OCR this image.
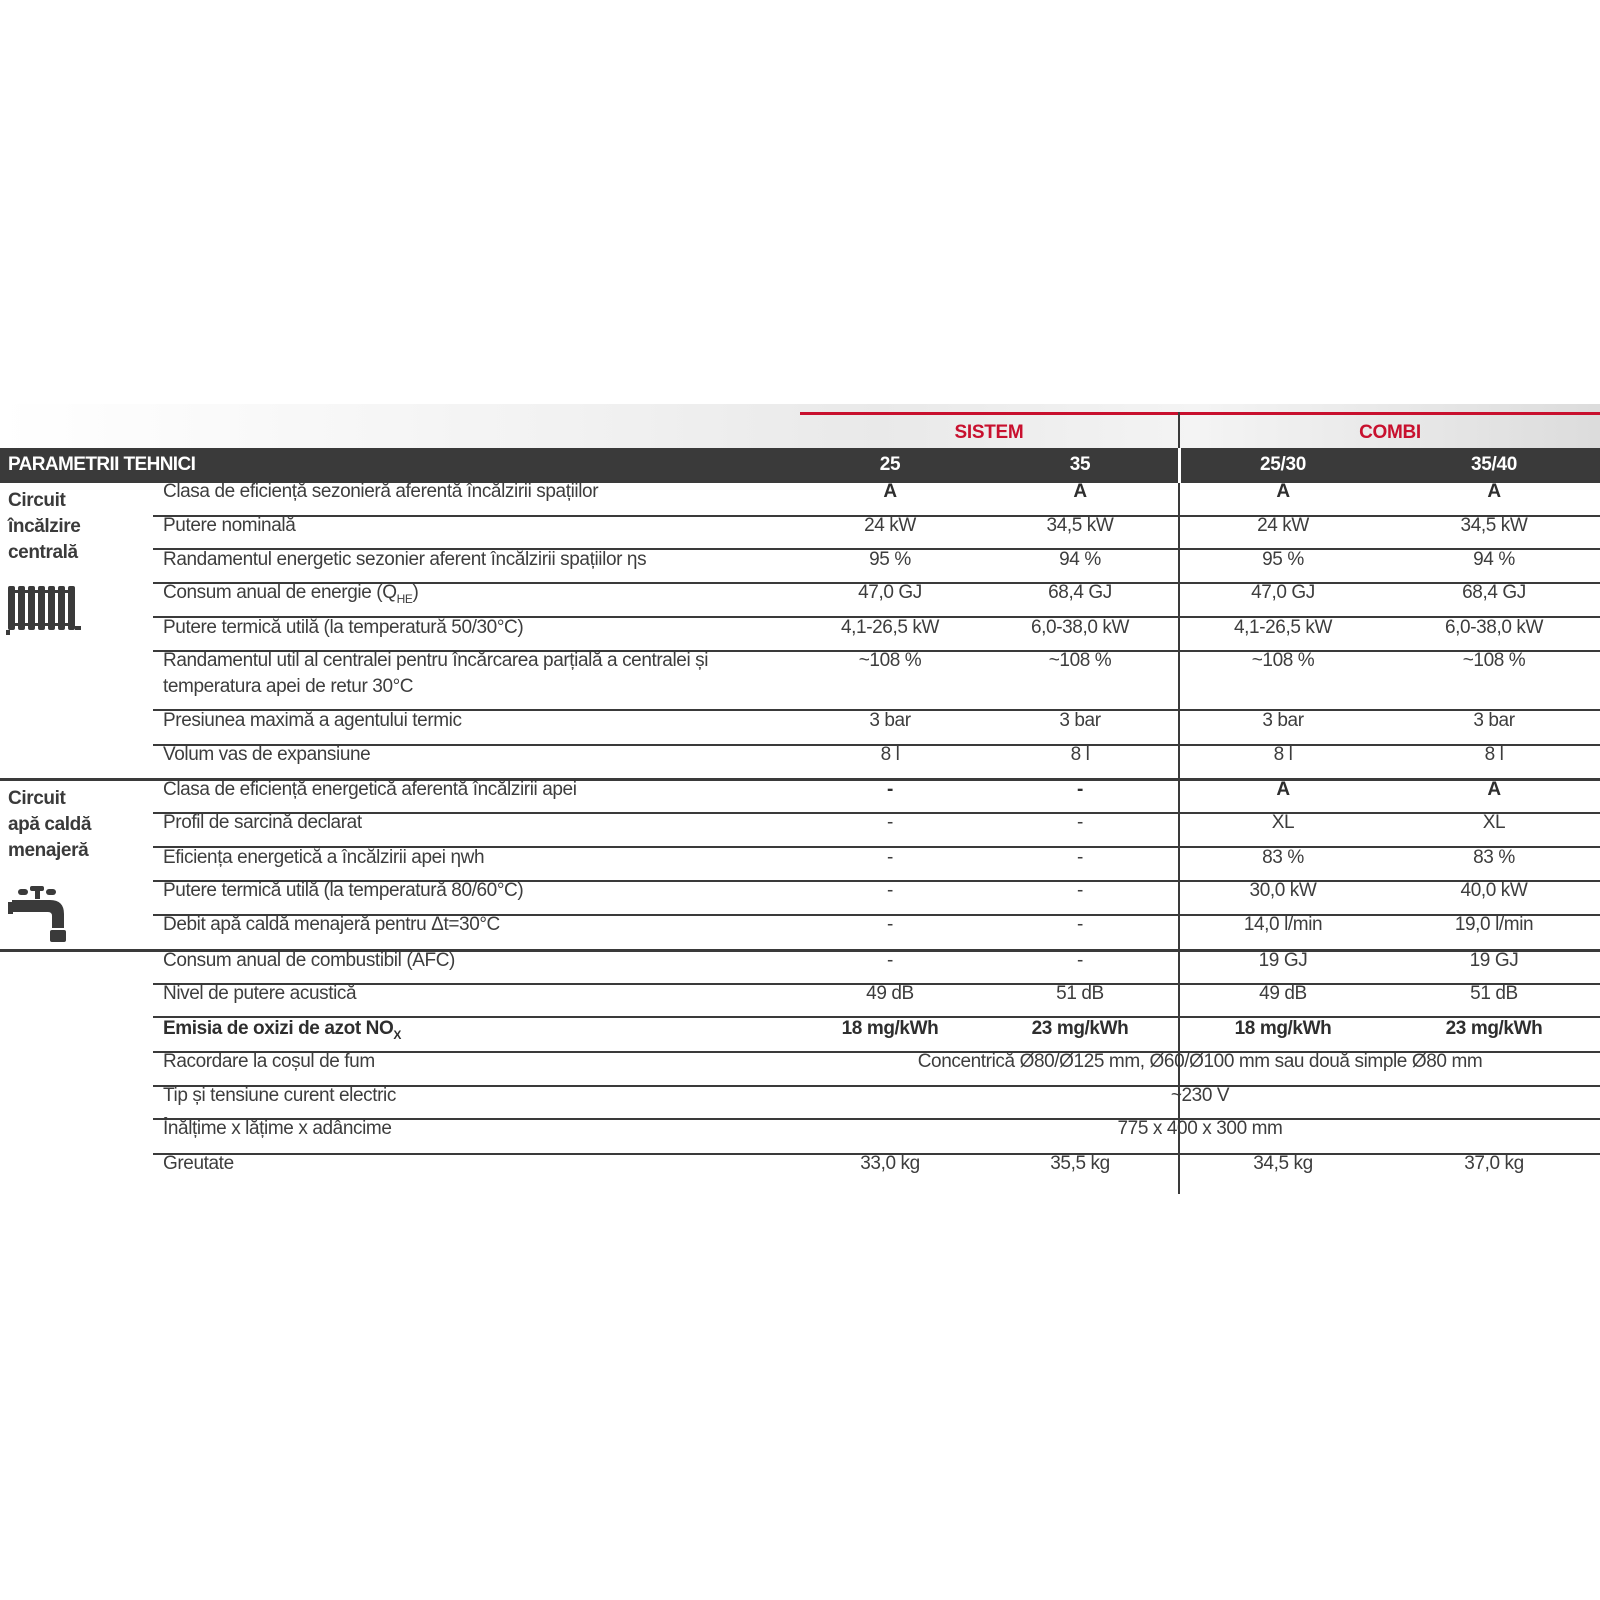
SISTEM	COMBI
PARAMETRII TEHNICI	25	35	25/30	35/40
Circuit
încălzire
centrală
Circuit
apă caldă
menajeră
Clasa de eficiență sezonieră aferentă încălzirii spațiilor	A	A	A	A
Putere nominală	24 kW	34,5 kW	24 kW	34,5 kW
Randamentul energetic sezonier aferent încălzirii spațiilor ηs	95 %	94 %	95 %	94 %
Consum anual de energie $(Q_{HE})$	47,0 GJ	68,4 GJ	47,0 GJ	68,4 GJ
Putere termică utilă (la temperatură 50/30°C)	4,1-26,5 kW	6,0-38,0 kW	4,1-26,5 kW	6,0-38,0 kW
Randamentul util al centralei pentru încărcarea parțială a centralei și
temperatura apei de retur 30°C
~108 %	~108 %	~108 %	~108 %
Presiunea maximă a agentului termic	3 bar	3 bar	3 bar	3 bar
Volum vas de expansiune	8 l	8 l	8 l	8 l
Clasa de eficiență energetică aferentă încălzirii apei	-	-	A	A
Profil de sarcină declarat	-	-	XL	XL
Eficiența energetică a încălzirii apei ηwh	-	-	83 %	83 %
Putere termică utilă (la temperatură 80/60°C)	-	-	30,0 kW	40,0 kW
Debit apă caldă menajeră pentru Δt=30°C	-	-	14,0 l/min	19,0 l/min
Consum anual de combustibil (AFC)	-	-	19 GJ	19 GJ
Nivel de putere acustică	49 dB	51 dB	49 dB	51 dB
Emisia de oxizi de azot $NO_X$	18 mg/kWh	23 mg/kWh	18 mg/kWh	23 mg/kWh
Racordare la coșul de fum	Concentrică Ø80/Ø125 mm, Ø60/Ø100 mm sau două simple Ø80 mm
Tip și tensiune curent electric	~230 V
Înălțime x lățime x adâncime	775 x 400 x 300 mm
Greutate	33,0 kg	35,5 kg	34,5 kg	37,0 kg
